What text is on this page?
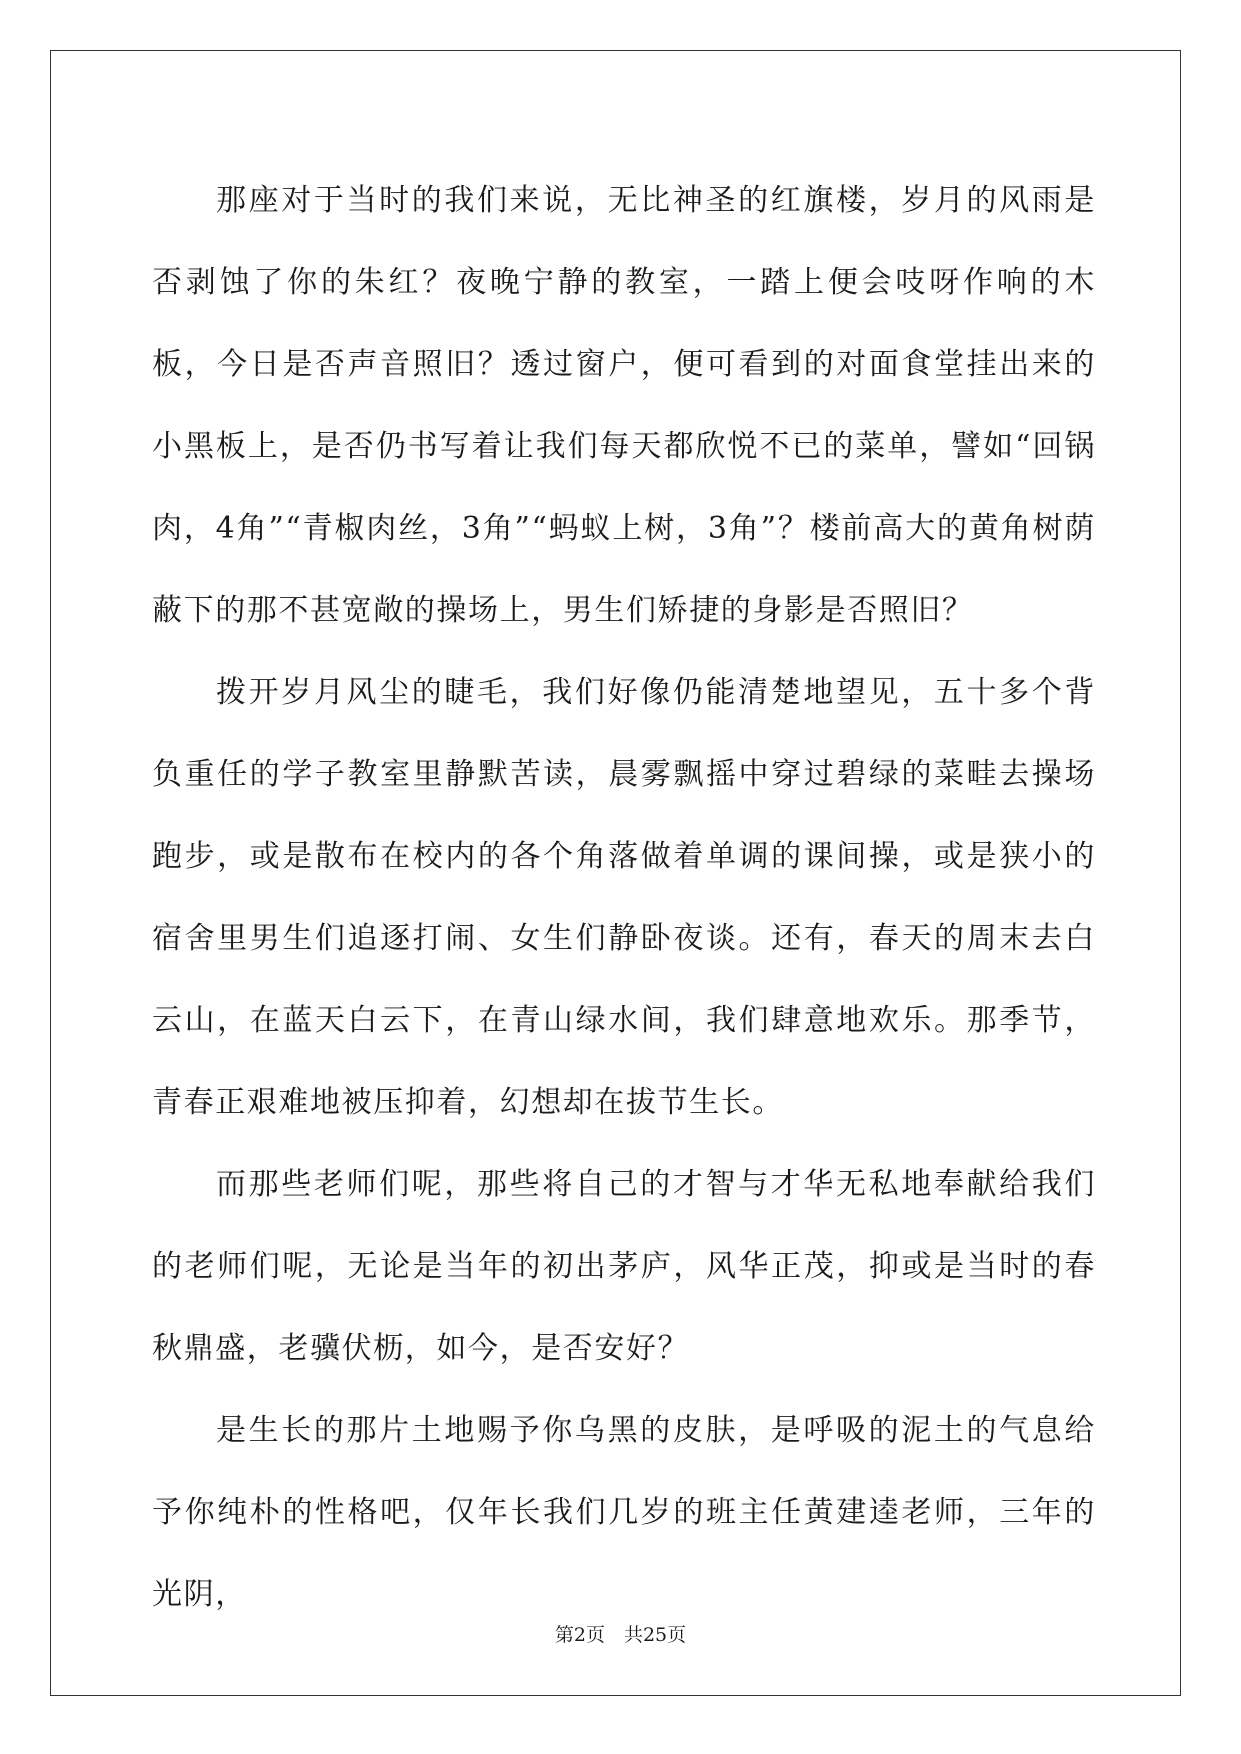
那座对于当时的我们来说，无比神圣的红旗楼，岁月的风雨是否剥蚀了你的朱红？夜晚宁静的教室，一踏上便会吱呀作响的木板，今日是否声音照旧？透过窗户，便可看到的对面食堂挂出来的小黑板上，是否仍书写着让我们每天都欣悦不已的菜单，譬如“回锅肉，4角”“青椒肉丝，3角”“蚂蚁上树，3角”？楼前高大的黄角树荫蔽下的那不甚宽敞的操场上，男生们矫捷的身影是否照旧？

拨开岁月风尘的睫毛，我们好像仍能清楚地望见，五十多个背负重任的学子教室里静默苦读，晨雾飘摇中穿过碧绿的菜畦去操场跑步，或是散布在校内的各个角落做着单调的课间操，或是狭小的宿舍里男生们追逐打闹、女生们静卧夜谈。还有，春天的周末去白云山，在蓝天白云下，在青山绿水间，我们肆意地欢乐。那季节，青春正艰难地被压抑着，幻想却在拔节生长。

而那些老师们呢，那些将自己的才智与才华无私地奉献给我们的老师们呢，无论是当年的初出茅庐，风华正茂，抑或是当时的春秋鼎盛，老骥伏枥，如今，是否安好？

是生长的那片土地赐予你乌黑的皮肤，是呼吸的泥土的气息给予你纯朴的性格吧，仅年长我们几岁的班主任黄建逵老师，三年的光阴，

第2页　共25页
